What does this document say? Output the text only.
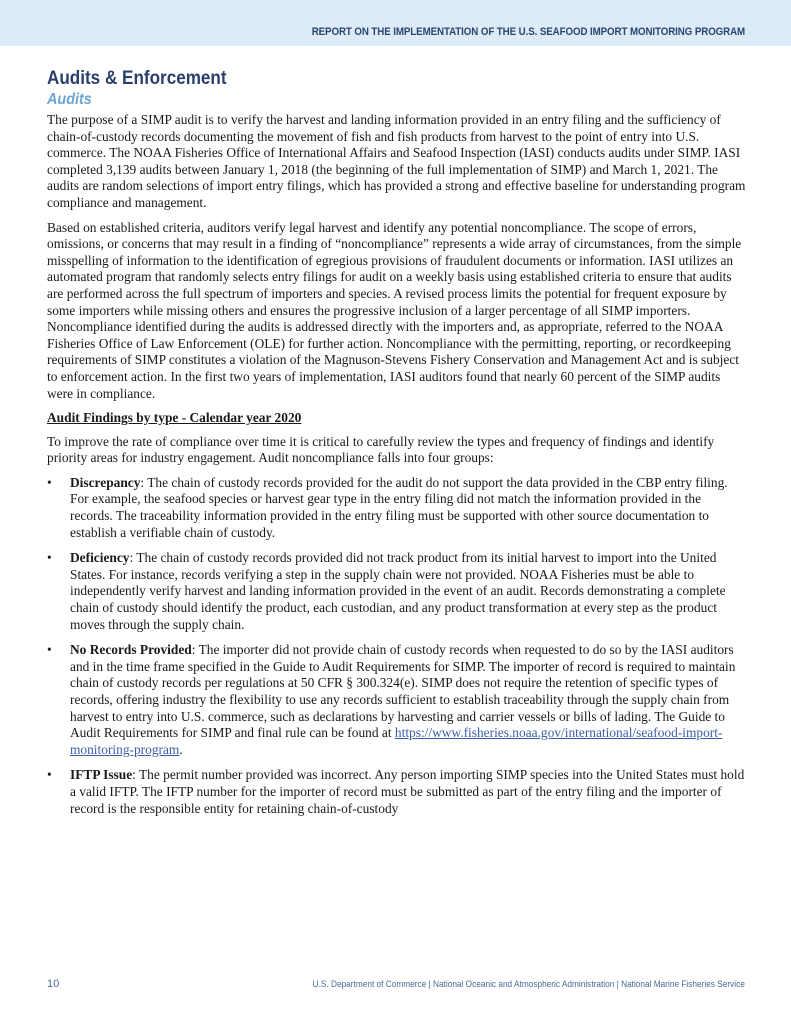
REPORT ON THE IMPLEMENTATION OF THE U.S. SEAFOOD IMPORT MONITORING PROGRAM
Audits & Enforcement
Audits

The purpose of a SIMP audit is to verify the harvest and landing information provided in an entry filing and the sufficiency of chain-of-custody records documenting the movement of fish and fish products from harvest to the point of entry into U.S. commerce. The NOAA Fisheries Office of International Affairs and Seafood Inspection (IASI) conducts audits under SIMP. IASI completed 3,139 audits between January 1, 2018 (the beginning of the full implementation of SIMP) and March 1, 2021. The audits are random selections of import entry filings, which has provided a strong and effective baseline for understanding program compliance and management.

Based on established criteria, auditors verify legal harvest and identify any potential noncompliance. The scope of errors, omissions, or concerns that may result in a finding of “noncompliance” represents a wide array of circumstances, from the simple misspelling of information to the identification of egregious provisions of fraudulent documents or information. IASI utilizes an automated program that randomly selects entry filings for audit on a weekly basis using established criteria to ensure that audits are performed across the full spectrum of importers and species. A revised process limits the potential for frequent exposure by some importers while missing others and ensures the progressive inclusion of a larger percentage of all SIMP importers. Noncompliance identified during the audits is addressed directly with the importers and, as appropriate, referred to the NOAA Fisheries Office of Law Enforcement (OLE) for further action. Noncompliance with the permitting, reporting, or recordkeeping requirements of SIMP constitutes a violation of the Magnuson-Stevens Fishery Conservation and Management Act and is subject to enforcement action. In the first two years of implementation, IASI auditors found that nearly 60 percent of the SIMP audits were in compliance.

Audit Findings by type - Calendar year 2020

To improve the rate of compliance over time it is critical to carefully review the types and frequency of findings and identify priority areas for industry engagement. Audit noncompliance falls into four groups:

• Discrepancy: The chain of custody records provided for the audit do not support the data provided in the CBP entry filing. For example, the seafood species or harvest gear type in the entry filing did not match the information provided in the records. The traceability information provided in the entry filing must be supported with other source documentation to establish a verifiable chain of custody.
• Deficiency: The chain of custody records provided did not track product from its initial harvest to import into the United States. For instance, records verifying a step in the supply chain were not provided. NOAA Fisheries must be able to independently verify harvest and landing information provided in the event of an audit. Records demonstrating a complete chain of custody should identify the product, each custodian, and any product transformation at every step as the product moves through the supply chain.
• No Records Provided: The importer did not provide chain of custody records when requested to do so by the IASI auditors and in the time frame specified in the Guide to Audit Requirements for SIMP. The importer of record is required to maintain chain of custody records per regulations at 50 CFR § 300.324(e). SIMP does not require the retention of specific types of records, offering industry the flexibility to use any records sufficient to establish traceability through the supply chain from harvest to entry into U.S. commerce, such as declarations by harvesting and carrier vessels or bills of lading. The Guide to Audit Requirements for SIMP and final rule can be found at https://www.fisheries.noaa.gov/international/seafood-import-monitoring-program.
• IFTP Issue: The permit number provided was incorrect. Any person importing SIMP species into the United States must hold a valid IFTP. The IFTP number for the importer of record must be submitted as part of the entry filing and the importer of record is the responsible entity for retaining chain-of-custody
10	U.S. Department of Commerce | National Oceanic and Atmospheric Administration | National Marine Fisheries Service
